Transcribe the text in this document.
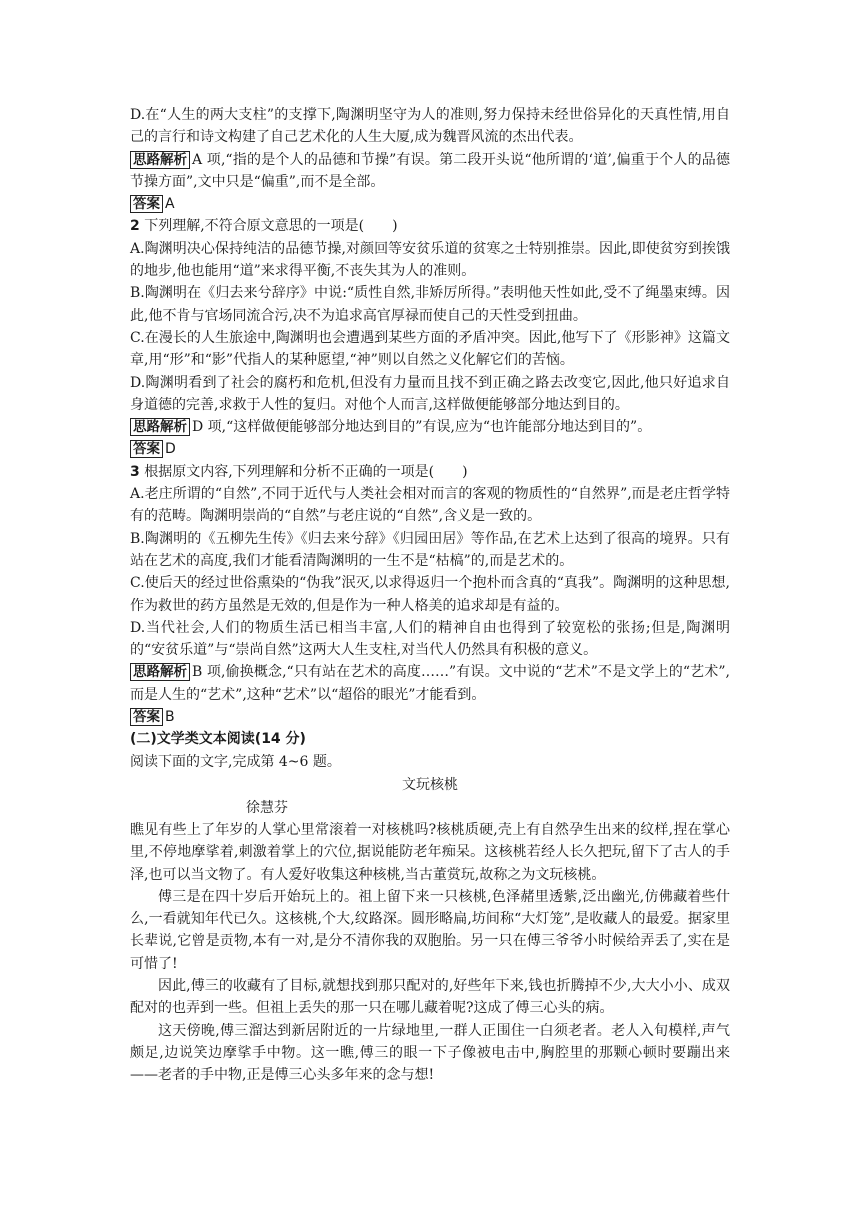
D.在“人生的两大支柱”的支撑下,陶渊明坚守为人的准则,努力保持未经世俗异化的天真性情,用自己的言行和诗文构建了自己艺术化的人生大厦,成为魏晋风流的杰出代表。

思路解析 A 项,“指的是个人的品德和节操”有误。第二段开头说“他所谓的‘道’,偏重于个人的品德节操方面”,文中只是“偏重”,而不是全部。

答案 A

2 下列理解,不符合原文意思的一项是(　　)

A.陶渊明决心保持纯洁的品德节操,对颜回等安贫乐道的贫寒之士特别推崇。因此,即使贫穷到挨饿的地步,他也能用“道”来求得平衡,不丧失其为人的准则。

B.陶渊明在《归去来兮辞序》中说:“质性自然,非矫厉所得。”表明他天性如此,受不了绳墨束缚。因此,他不肯与官场同流合污,决不为追求高官厚禄而使自己的天性受到扭曲。

C.在漫长的人生旅途中,陶渊明也会遭遇到某些方面的矛盾冲突。因此,他写下了《形影神》这篇文章,用“形”和“影”代指人的某种愿望,“神”则以自然之义化解它们的苦恼。

D.陶渊明看到了社会的腐朽和危机,但没有力量而且找不到正确之路去改变它,因此,他只好追求自身道德的完善,求救于人性的复归。对他个人而言,这样做便能够部分地达到目的。

思路解析 D 项,“这样做便能够部分地达到目的”有误,应为“也许能部分地达到目的”。

答案 D

3 根据原文内容,下列理解和分析不正确的一项是(　　)

A.老庄所谓的“自然”,不同于近代与人类社会相对而言的客观的物质性的“自然界”,而是老庄哲学特有的范畴。陶渊明崇尚的“自然”与老庄说的“自然”,含义是一致的。

B.陶渊明的《五柳先生传》《归去来兮辞》《归园田居》等作品,在艺术上达到了很高的境界。只有站在艺术的高度,我们才能看清陶渊明的一生不是“枯槁”的,而是艺术的。

C.使后天的经过世俗熏染的“伪我”泯灭,以求得返归一个抱朴而含真的“真我”。陶渊明的这种思想,作为救世的药方虽然是无效的,但是作为一种人格美的追求却是有益的。

D.当代社会,人们的物质生活已相当丰富,人们的精神自由也得到了较宽松的张扬;但是,陶渊明的“安贫乐道”与“崇尚自然”这两大人生支柱,对当代人仍然具有积极的意义。

思路解析 B 项,偷换概念,“只有站在艺术的高度……”有误。文中说的“艺术”不是文学上的“艺术”,而是人生的“艺术”,这种“艺术”以“超俗的眼光”才能看到。

答案 B

(二)文学类文本阅读(14 分)

阅读下面的文字,完成第 4~6 题。

文玩核桃

徐慧芬

瞧见有些上了年岁的人掌心里常滚着一对核桃吗?核桃质硬,壳上有自然孕生出来的纹样,捏在掌心里,不停地摩挲着,刺激着掌上的穴位,据说能防老年痴呆。这核桃若经人长久把玩,留下了古人的手泽,也可以当文物了。有人爱好收集这种核桃,当古董赏玩,故称之为文玩核桃。

傅三是在四十岁后开始玩上的。祖上留下来一只核桃,色泽赭里透紫,泛出幽光,仿佛藏着些什么,一看就知年代已久。这核桃,个大,纹路深。圆形略扁,坊间称“大灯笼”,是收藏人的最爱。据家里长辈说,它曾是贡物,本有一对,是分不清你我的双胞胎。另一只在傅三爷爷小时候给弄丢了,实在是可惜了!

因此,傅三的收藏有了目标,就想找到那只配对的,好些年下来,钱也折腾掉不少,大大小小、成双配对的也弄到一些。但祖上丢失的那一只在哪儿藏着呢?这成了傅三心头的病。

这天傍晚,傅三溜达到新居附近的一片绿地里,一群人正围住一白须老者。老人入旬模样,声气颇足,边说笑边摩挲手中物。这一瞧,傅三的眼一下子像被电击中,胸腔里的那颗心顿时要蹦出来——老者的手中物,正是傅三心头多年来的念与想!
